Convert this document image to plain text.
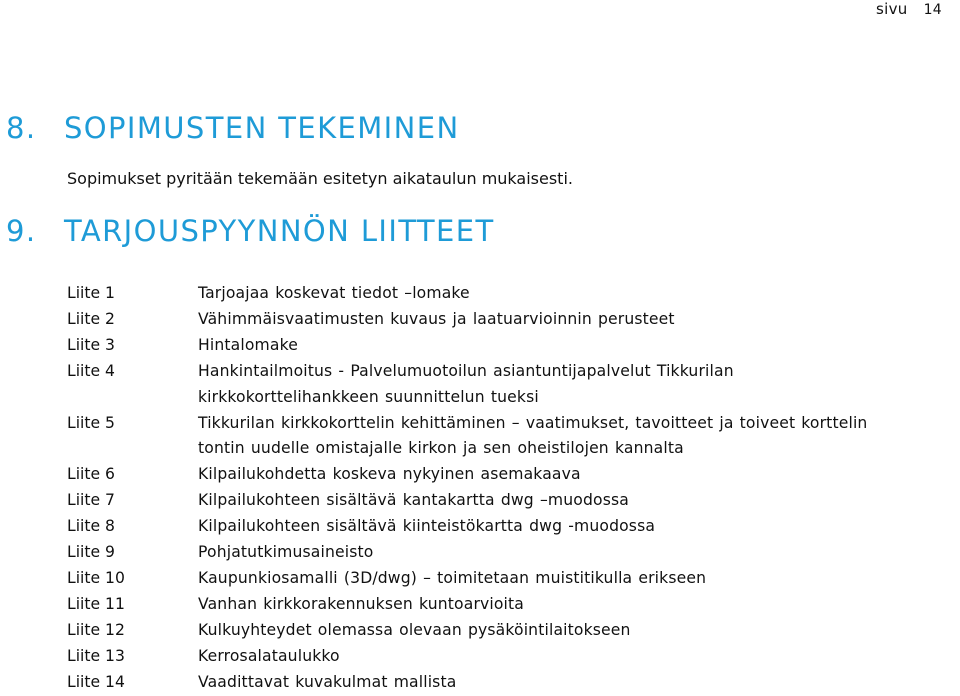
sivu 14
8. SOPIMUSTEN TEKEMINEN
Sopimukset pyritään tekemään esitetyn aikataulun mukaisesti.
9. TARJOUSPYYNNÖN LIITTEET
Liite 1	Tarjoajaa koskevat tiedot –lomake
Liite 2	Vähimmäisvaatimusten kuvaus ja laatuarvioinnin perusteet
Liite 3	Hintalomake
Liite 4	Hankintailmoitus - Palvelumuotoilun asiantuntijapalvelut Tikkurilan
kirkkokorttelihankkeen suunnittelun tueksi
Liite 5	Tikkurilan kirkkokorttelin kehittäminen – vaatimukset, tavoitteet ja toiveet korttelin
tontin uudelle omistajalle kirkon ja sen oheistilojen kannalta
Liite 6	Kilpailukohdetta koskeva nykyinen asemakaava
Liite 7	Kilpailukohteen sisältävä kantakartta dwg –muodossa
Liite 8	Kilpailukohteen sisältävä kiinteistökartta dwg -muodossa
Liite 9	Pohjatutkimusaineisto
Liite 10	Kaupunkiosamalli (3D/dwg) – toimitetaan muistitikulla erikseen
Liite 11	Vanhan kirkkorakennuksen kuntoarvioita
Liite 12	Kulkuyhteydet olemassa olevaan pysäköintilaitokseen
Liite 13	Kerrosalataulukko
Liite 14	Vaadittavat kuvakulmat mallista
